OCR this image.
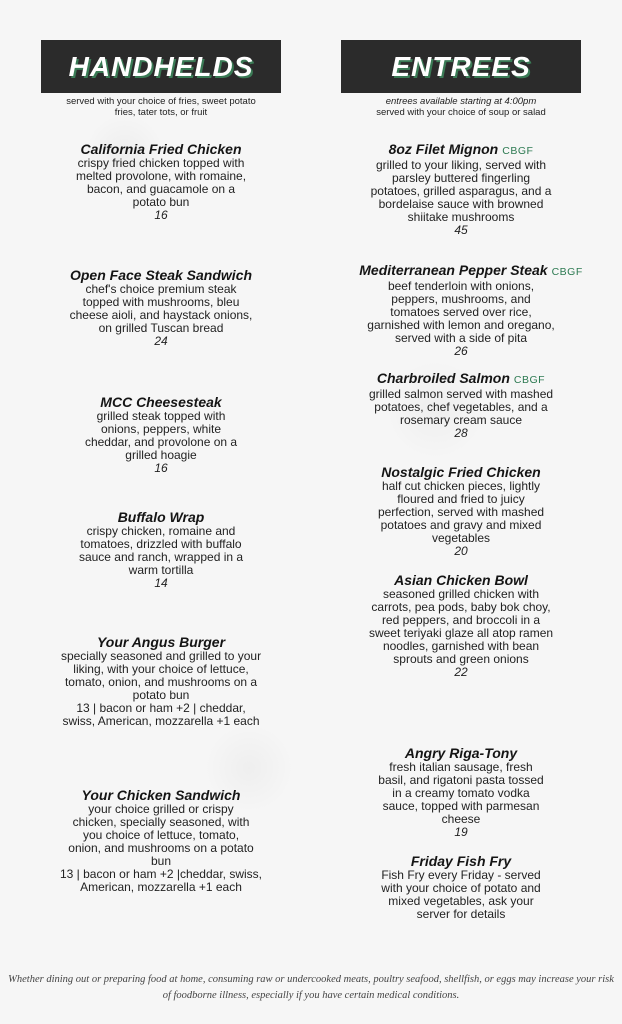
HANDHELDS
served with your choice of fries, sweet potato fries, tater tots, or fruit
California Fried Chicken
crispy fried chicken topped with melted provolone, with romaine, bacon, and guacamole on a potato bun
16
Open Face Steak Sandwich
chef's choice premium steak topped with mushrooms, bleu cheese aioli, and haystack onions, on grilled Tuscan bread
24
MCC Cheesesteak
grilled steak topped with onions, peppers, white cheddar, and provolone on a grilled hoagie
16
Buffalo Wrap
crispy chicken, romaine and tomatoes, drizzled with buffalo sauce and ranch, wrapped in a warm tortilla
14
Your Angus Burger
specially seasoned and grilled to your liking, with your choice of lettuce, tomato, onion, and mushrooms on a potato bun
13 | bacon or ham +2 | cheddar, swiss, American, mozzarella +1 each
Your Chicken Sandwich
your choice grilled or crispy chicken, specially seasoned, with you choice of lettuce, tomato, onion, and mushrooms on a potato bun
13 | bacon or ham +2 |cheddar, swiss, American, mozzarella +1 each
ENTREES
entrees available starting at 4:00pm
served with your choice of soup or salad
8oz Filet Mignon CBGF
grilled to your liking, served with parsley buttered fingerling potatoes, grilled asparagus, and a bordelaise sauce with browned shiitake mushrooms
45
Mediterranean Pepper Steak CBGF
beef tenderloin with onions, peppers, mushrooms, and tomatoes served over rice, garnished with lemon and oregano, served with a side of pita
26
Charbroiled Salmon CBGF
grilled salmon served with mashed potatoes, chef vegetables, and a rosemary cream sauce
28
Nostalgic Fried Chicken
half cut chicken pieces, lightly floured and fried to juicy perfection, served with mashed potatoes and gravy and mixed vegetables
20
Asian Chicken Bowl
seasoned grilled chicken with carrots, pea pods, baby bok choy, red peppers, and broccoli in a sweet teriyaki glaze all atop ramen noodles, garnished with bean sprouts and green onions
22
Angry Riga-Tony
fresh italian sausage, fresh basil, and rigatoni pasta tossed in a creamy tomato vodka sauce, topped with parmesan cheese
19
Friday Fish Fry
Fish Fry every Friday - served with your choice of potato and mixed vegetables, ask your server for details
Whether dining out or preparing food at home, consuming raw or undercooked meats, poultry seafood, shellfish, or eggs may increase your risk of foodborne illness, especially if you have certain medical conditions.
